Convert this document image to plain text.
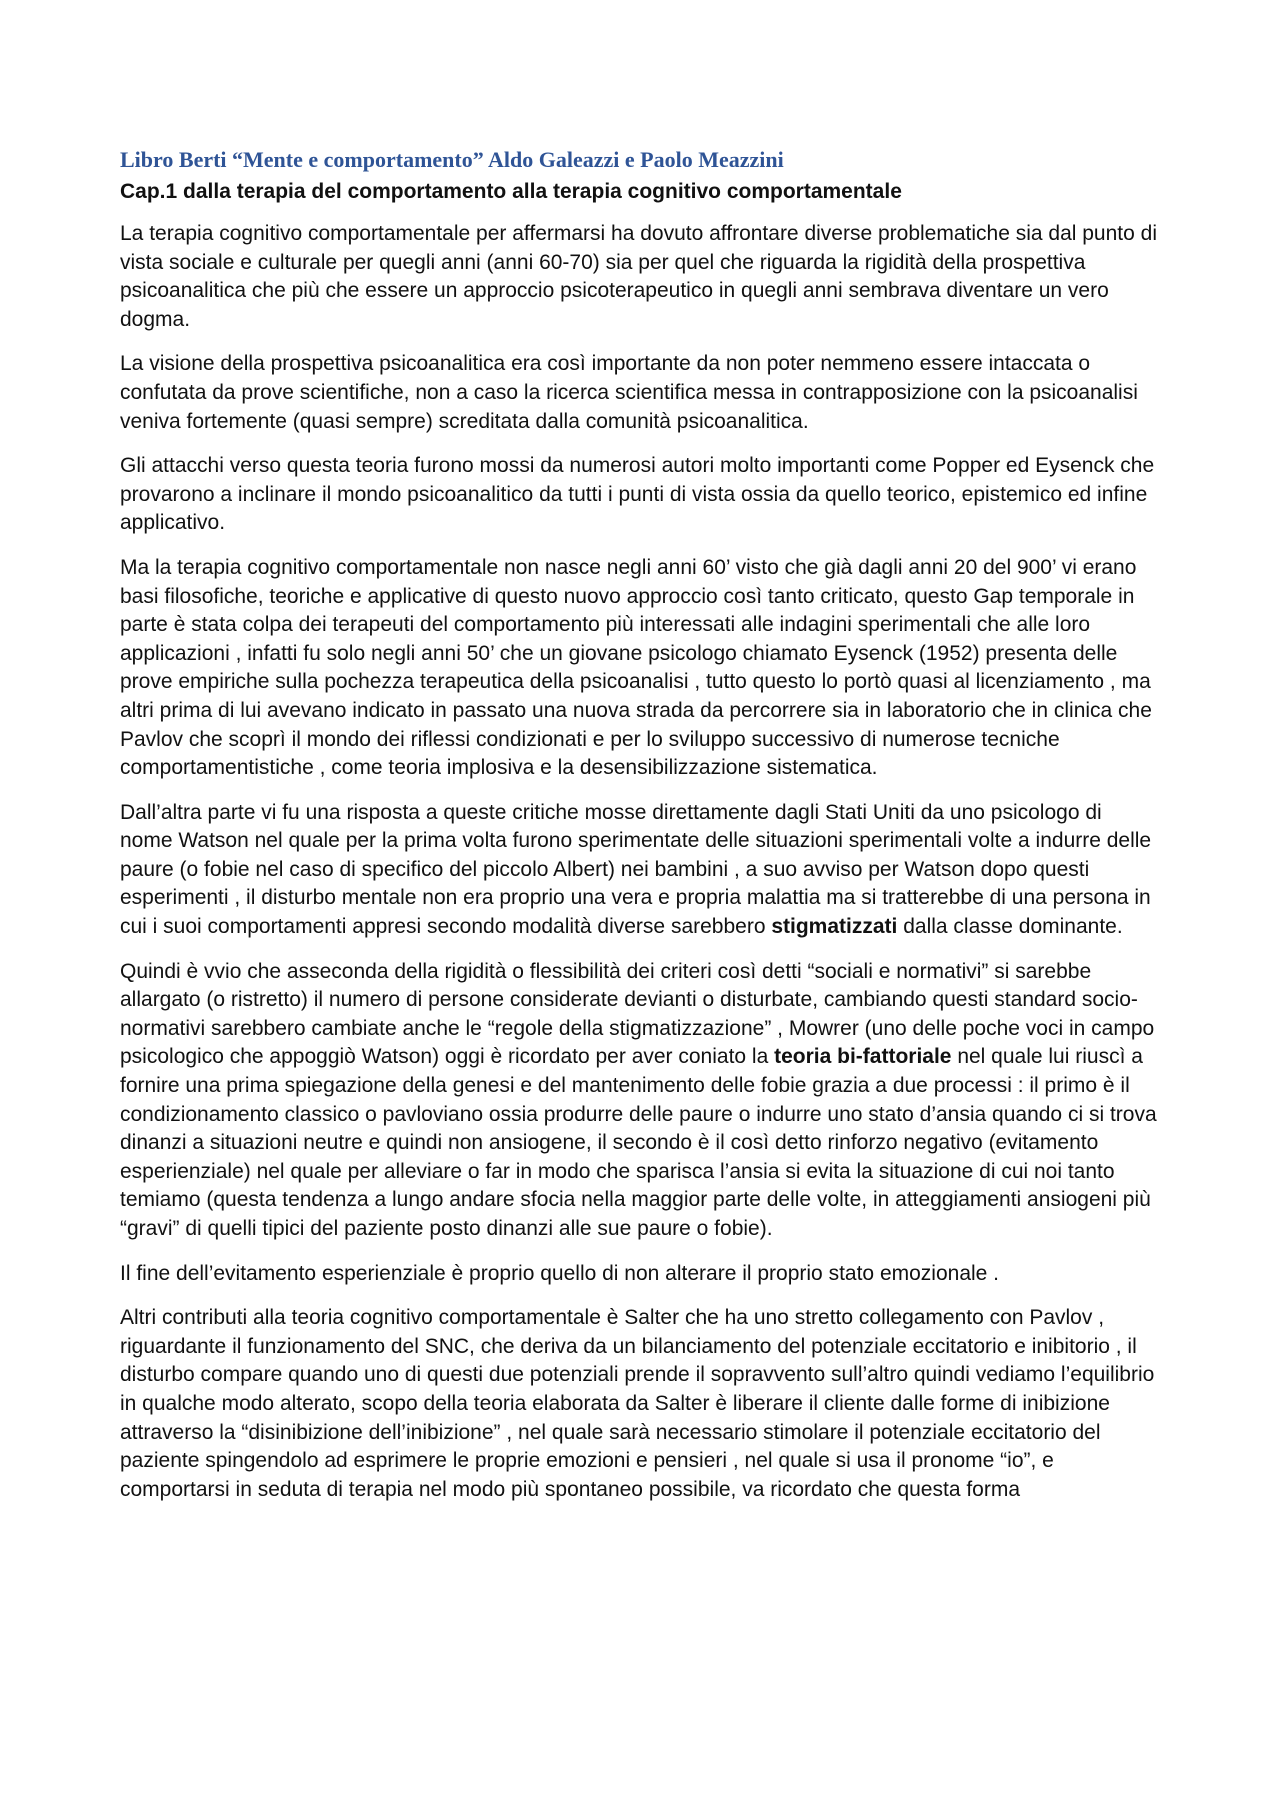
Libro Berti “Mente e comportamento” Aldo Galeazzi e Paolo Meazzini
Cap.1 dalla terapia del comportamento alla terapia cognitivo comportamentale

La terapia cognitivo comportamentale per affermarsi ha dovuto affrontare diverse problematiche sia dal punto di vista sociale e culturale per quegli anni (anni 60-70) sia per quel che riguarda la rigidità della prospettiva psicoanalitica che più che essere un approccio psicoterapeutico in quegli anni sembrava diventare un vero dogma.

La visione della prospettiva psicoanalitica era così importante da non poter nemmeno essere intaccata o confutata da prove scientifiche, non a caso la ricerca scientifica messa in contrapposizione con la psicoanalisi veniva fortemente (quasi sempre) screditata dalla comunità psicoanalitica.

Gli attacchi verso questa teoria furono mossi da numerosi autori molto importanti come Popper ed Eysenck che provarono a inclinare il mondo psicoanalitico da tutti i punti di vista ossia da quello teorico, epistemico ed infine applicativo.

Ma la terapia cognitivo comportamentale non nasce negli anni 60’ visto che già dagli anni 20 del 900’ vi erano basi filosofiche, teoriche e applicative di questo nuovo approccio così tanto criticato, questo Gap temporale in parte è stata colpa dei terapeuti del comportamento più interessati alle indagini sperimentali che alle loro applicazioni , infatti fu solo negli anni 50’ che un giovane psicologo chiamato Eysenck (1952) presenta delle prove empiriche sulla pochezza terapeutica della psicoanalisi , tutto questo lo portò quasi al licenziamento , ma altri prima di lui avevano indicato in passato una nuova strada da percorrere sia in laboratorio che in clinica che Pavlov che scoprì il mondo dei riflessi condizionati e per lo sviluppo successivo di numerose tecniche comportamentistiche , come teoria implosiva e la desensibilizzazione sistematica.

Dall’altra parte vi fu una risposta a queste critiche mosse direttamente dagli Stati Uniti da uno psicologo di nome Watson nel quale per la prima volta furono sperimentate delle situazioni sperimentali volte a indurre delle paure (o fobie nel caso di specifico del piccolo Albert) nei bambini , a suo avviso per Watson dopo questi esperimenti , il disturbo mentale non era proprio una vera e propria malattia ma si tratterebbe di una persona in cui i suoi comportamenti appresi secondo modalità diverse sarebbero stigmatizzati dalla classe dominante.

Quindi è vvio che asseconda della rigidità o flessibilità dei criteri così detti “sociali e normativi” si sarebbe allargato (o ristretto) il numero di persone considerate devianti o disturbate, cambiando questi standard socio-normativi sarebbero cambiate anche le “regole della stigmatizzazione” , Mowrer (uno delle poche voci in campo psicologico che appoggiò Watson) oggi è ricordato per aver coniato la teoria bi-fattoriale nel quale lui riuscì a fornire una prima spiegazione della genesi e del mantenimento delle fobie grazia a due processi : il primo è il condizionamento classico o pavloviano ossia produrre delle paure o indurre uno stato d’ansia quando ci si trova dinanzi a situazioni neutre e quindi non ansiogene, il secondo è il così detto rinforzo negativo (evitamento esperienziale) nel quale per alleviare o far in modo che sparisca l’ansia si evita la situazione di cui noi tanto temiamo (questa tendenza a lungo andare sfocia nella maggior parte delle volte, in atteggiamenti ansiogeni più “gravi” di quelli tipici del paziente posto dinanzi alle sue paure o fobie).

Il fine dell’evitamento esperienziale è proprio quello di non alterare il proprio stato emozionale .

Altri contributi alla teoria cognitivo comportamentale è Salter che ha uno stretto collegamento con Pavlov , riguardante il funzionamento del SNC, che deriva da un bilanciamento del potenziale eccitatorio e inibitorio , il disturbo compare quando uno di questi due potenziali prende il sopravvento sull’altro quindi vediamo l’equilibrio in qualche modo alterato, scopo della teoria elaborata da Salter è liberare il cliente dalle forme di inibizione attraverso la “disinibizione dell’inibizione” , nel quale sarà necessario stimolare il potenziale eccitatorio del paziente spingendolo ad esprimere le proprie emozioni e pensieri , nel quale si usa il pronome “io”, e comportarsi in seduta di terapia nel modo più spontaneo possibile, va ricordato che questa forma
